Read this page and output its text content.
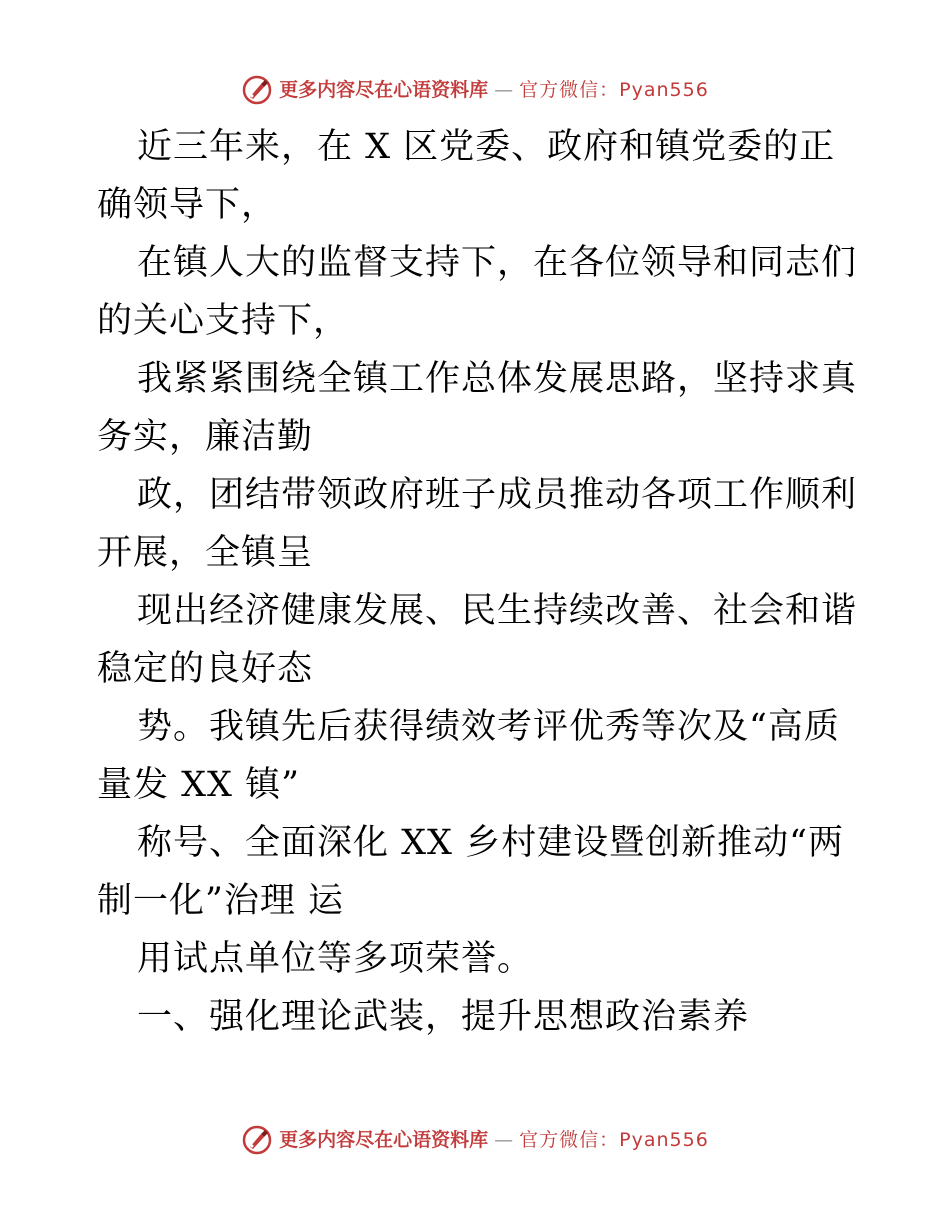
更多内容尽在心语资料库 — 官方微信：Pyan556

近三年来，在 X 区党委、政府和镇党委的正确领导下，

在镇人大的监督支持下，在各位领导和同志们的关心支持下，

我紧紧围绕全镇工作总体发展思路，坚持求真务实，廉洁勤

政，团结带领政府班子成员推动各项工作顺利开展，全镇呈

现出经济健康发展、民生持续改善、社会和谐稳定的良好态

势。我镇先后获得绩效考评优秀等次及“高质量发 XX 镇”

称号、全面深化 XX 乡村建设暨创新推动“两制一化”治理 运

用试点单位等多项荣誉。

一、强化理论武装，提升思想政治素养

更多内容尽在心语资料库 — 官方微信：Pyan556
